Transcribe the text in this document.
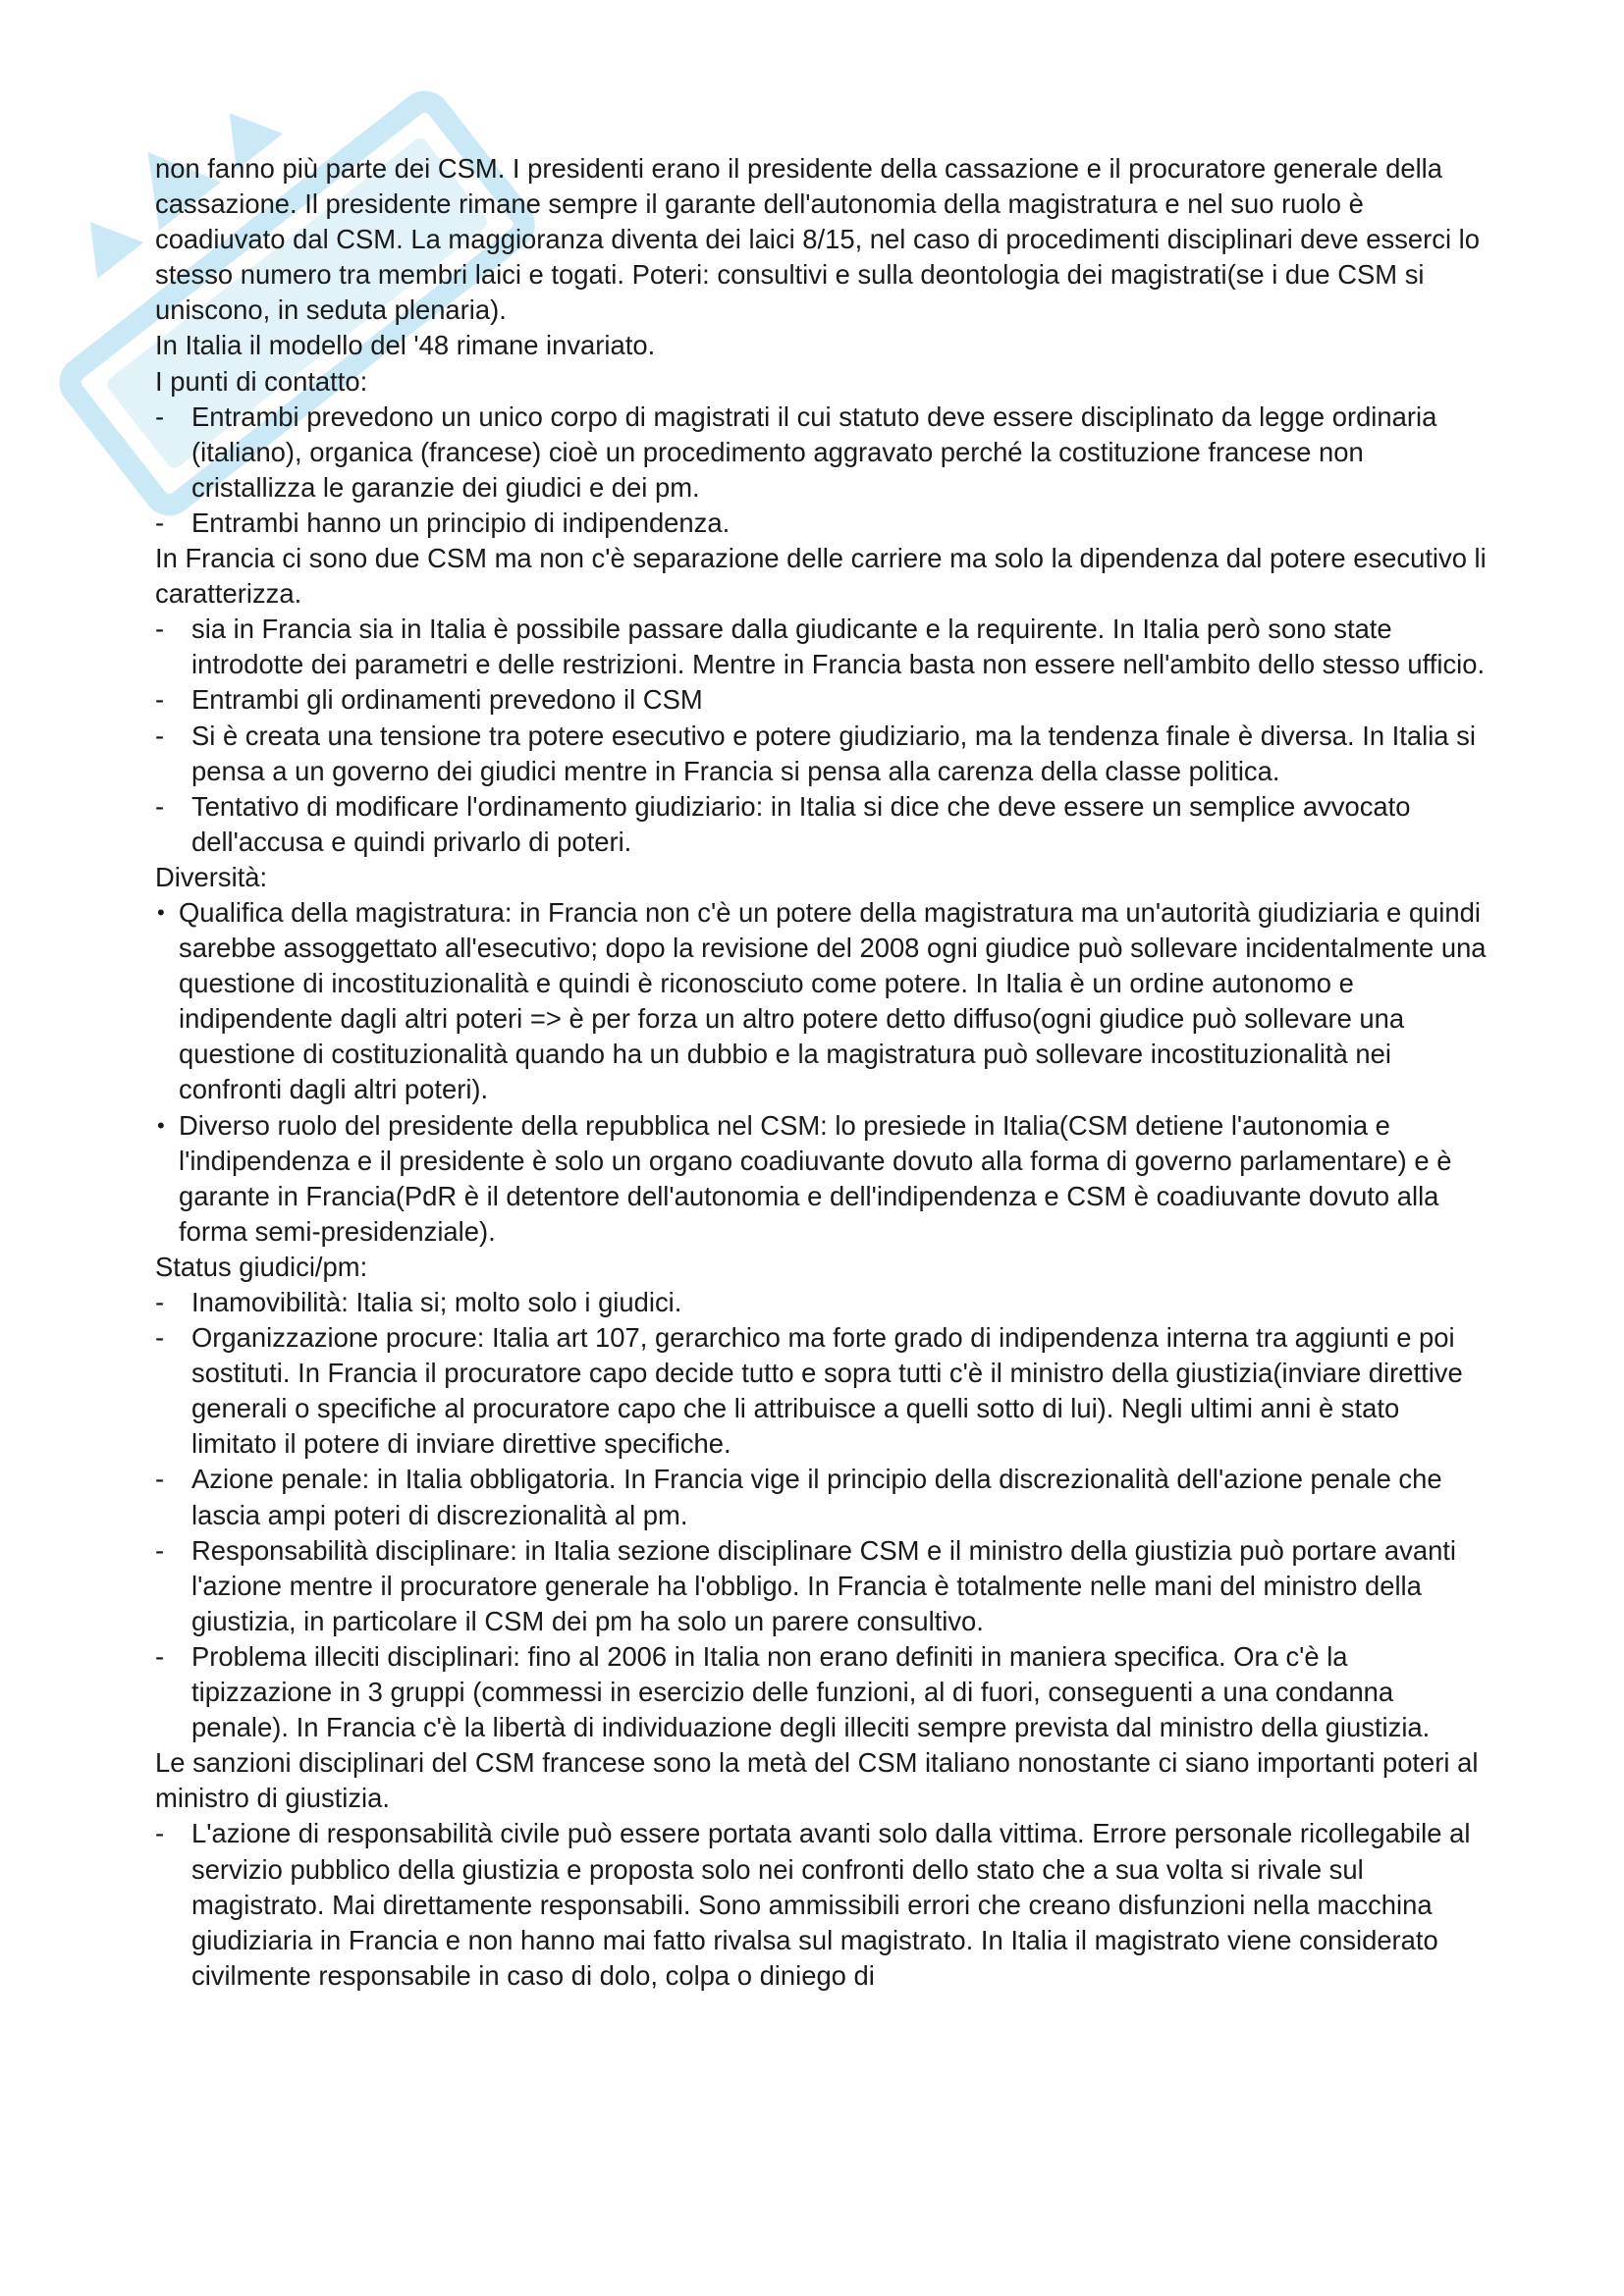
non fanno più parte dei CSM. I presidenti erano il presidente della cassazione e il procuratore generale della cassazione. Il presidente rimane sempre il garante dell'autonomia della magistratura e nel suo ruolo è coadiuvato dal CSM. La maggioranza diventa dei laici 8/15, nel caso di procedimenti disciplinari deve esserci lo stesso numero tra membri laici e togati. Poteri: consultivi e sulla deontologia dei magistrati(se i due CSM si uniscono, in seduta plenaria).

In Italia il modello del '48 rimane invariato.

I punti di contatto:

-	Entrambi prevedono un unico corpo di magistrati il cui statuto deve essere disciplinato da legge ordinaria (italiano), organica (francese) cioè un procedimento aggravato perché la costituzione francese non cristallizza le garanzie dei giudici e dei pm.
-	Entrambi hanno un principio di indipendenza.

In Francia ci sono due CSM ma non c'è separazione delle carriere ma solo la dipendenza dal potere esecutivo li caratterizza.

-	sia in Francia sia in Italia è possibile passare dalla giudicante e la requirente. In Italia però sono state introdotte dei parametri e delle restrizioni. Mentre in Francia basta non essere nell'ambito dello stesso ufficio.
-	Entrambi gli ordinamenti prevedono il CSM
-	Si è creata una tensione tra potere esecutivo e potere giudiziario, ma la tendenza finale è diversa. In Italia si pensa a un governo dei giudici mentre in Francia si pensa alla carenza della classe politica.
-	Tentativo di modificare l'ordinamento giudiziario: in Italia si dice che deve essere un semplice avvocato dell'accusa e quindi privarlo di poteri.

Diversità:

• Qualifica della magistratura: in Francia non c'è un potere della magistratura ma un'autorità giudiziaria e quindi sarebbe assoggettato all'esecutivo; dopo la revisione del 2008 ogni giudice può sollevare incidentalmente una questione di incostituzionalità e quindi è riconosciuto come potere. In Italia è un ordine autonomo e indipendente dagli altri poteri => è per forza un altro potere detto diffuso(ogni giudice può sollevare una questione di costituzionalità quando ha un dubbio e la magistratura può sollevare incostituzionalità nei confronti dagli altri poteri).
• Diverso ruolo del presidente della repubblica nel CSM: lo presiede in Italia(CSM detiene l'autonomia e l'indipendenza e il presidente è solo un organo coadiuvante dovuto alla forma di governo parlamentare) e è garante in Francia(PdR è il detentore dell'autonomia e dell'indipendenza e CSM è coadiuvante dovuto alla forma semi-presidenziale).

Status giudici/pm:

-	Inamovibilità: Italia si; molto solo i giudici.
-	Organizzazione procure: Italia art 107, gerarchico ma forte grado di indipendenza interna tra aggiunti e poi sostituti. In Francia il procuratore capo decide tutto e sopra tutti c'è il ministro della giustizia(inviare direttive generali o specifiche al procuratore capo che li attribuisce a quelli sotto di lui). Negli ultimi anni è stato limitato il potere di inviare direttive specifiche.
-	Azione penale: in Italia obbligatoria. In Francia vige il principio della discrezionalità dell'azione penale che lascia ampi poteri di discrezionalità al pm.
-	Responsabilità disciplinare: in Italia sezione disciplinare CSM e il ministro della giustizia può portare avanti l'azione mentre il procuratore generale ha l'obbligo. In Francia è totalmente nelle mani del ministro della giustizia, in particolare il CSM dei pm ha solo un parere consultivo.
-	Problema illeciti disciplinari: fino al 2006 in Italia non erano definiti in maniera specifica. Ora c'è la tipizzazione in 3 gruppi (commessi in esercizio delle funzioni, al di fuori, conseguenti a una condanna penale). In Francia c'è la libertà di individuazione degli illeciti sempre prevista dal ministro della giustizia.

Le sanzioni disciplinari del CSM francese sono la metà del CSM italiano nonostante ci siano importanti poteri al ministro di giustizia.

-	L'azione di responsabilità civile può essere portata avanti solo dalla vittima. Errore personale ricollegabile al servizio pubblico della giustizia e proposta solo nei confronti dello stato che a sua volta si rivale sul magistrato. Mai direttamente responsabili. Sono ammissibili errori che creano disfunzioni nella macchina giudiziaria in Francia e non hanno mai fatto rivalsa sul magistrato. In Italia il magistrato viene considerato civilmente responsabile in caso di dolo, colpa o diniego di
